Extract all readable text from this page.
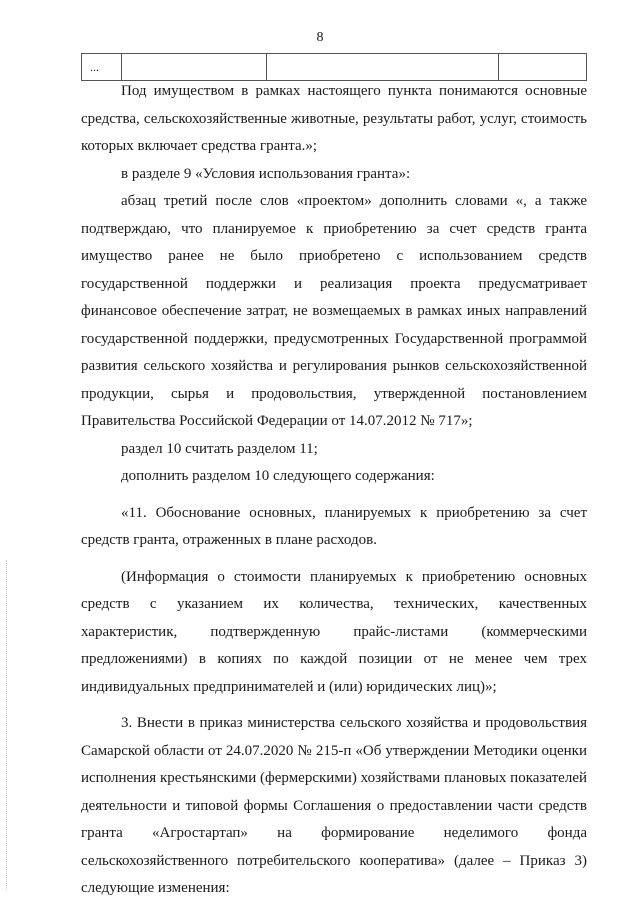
8
...			

Под имуществом в рамках настоящего пункта понимаются основные средства, сельскохозяйственные животные, результаты работ, услуг, стоимость которых включает средства гранта.»;

в разделе 9 «Условия использования гранта»:

абзац третий после слов «проектом» дополнить словами «, а также подтверждаю, что планируемое к приобретению за счет средств гранта имущество ранее не было приобретено с использованием средств государственной поддержки и реализация проекта предусматривает финансовое обеспечение затрат, не возмещаемых в рамках иных направлений государственной поддержки, предусмотренных Государственной программой развития сельского хозяйства и регулирования рынков сельскохозяйственной продукции, сырья и продовольствия, утвержденной постановлением Правительства Российской Федерации от 14.07.2012 № 717»;

раздел 10 считать разделом 11;

дополнить разделом 10 следующего содержания:

«11. Обоснование основных, планируемых к приобретению за счет средств гранта, отраженных в плане расходов.

(Информация о стоимости планируемых к приобретению основных средств с указанием их количества, технических, качественных характеристик, подтвержденную прайс-листами (коммерческими предложениями) в копиях по каждой позиции от не менее чем трех индивидуальных предпринимателей и (или) юридических лиц)»;

3. Внести в приказ министерства сельского хозяйства и продовольствия Самарской области от 24.07.2020 № 215-п «Об утверждении Методики оценки исполнения крестьянскими (фермерскими) хозяйствами плановых показателей деятельности и типовой формы Соглашения о предоставлении части средств гранта «Агростартап» на формирование неделимого фонда сельскохозяйственного потребительского кооператива» (далее – Приказ 3) следующие изменения:
